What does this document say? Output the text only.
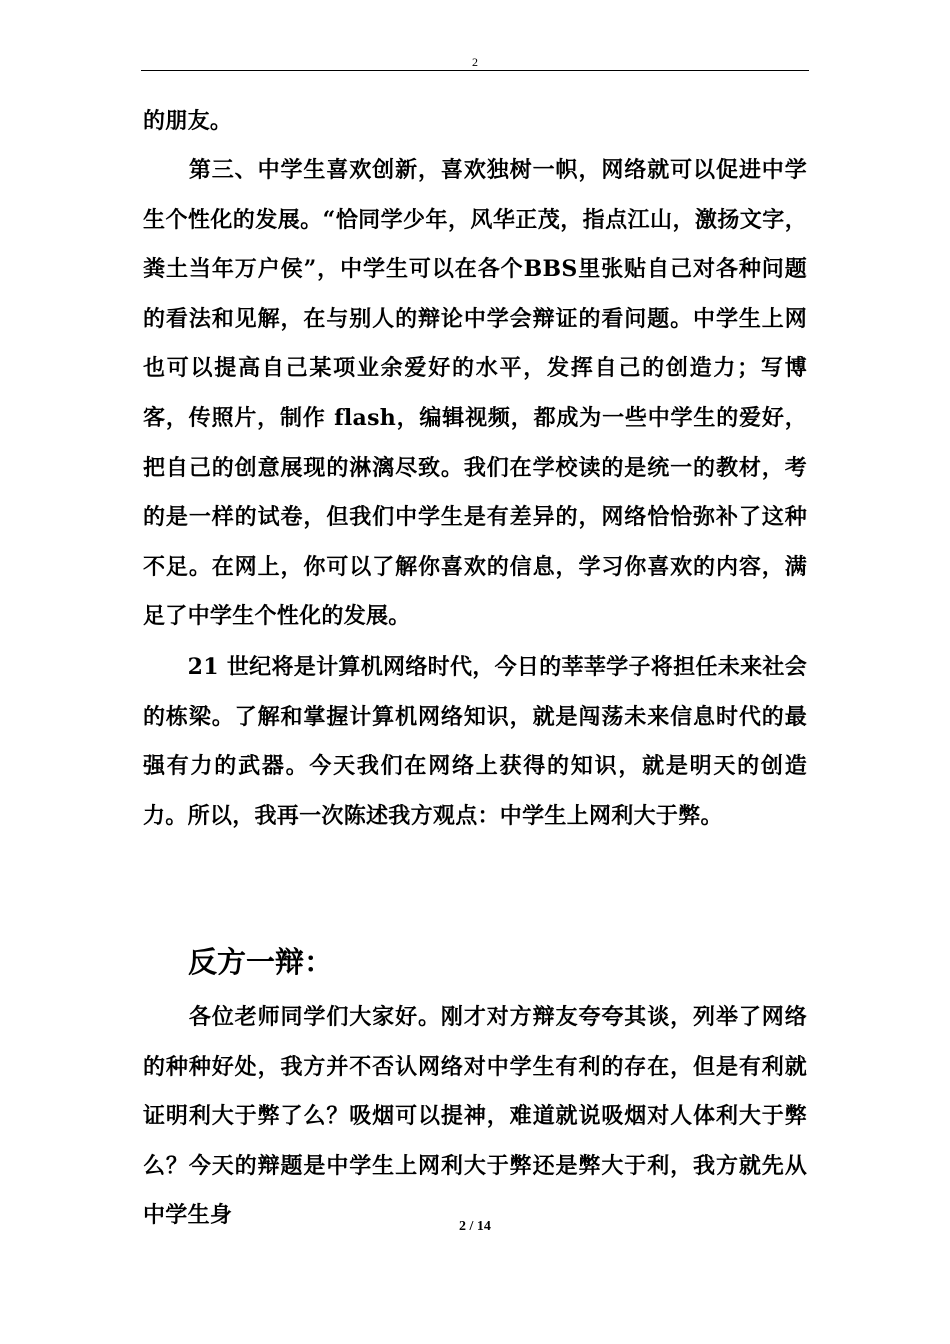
2

的朋友。

　　第三、中学生喜欢创新，喜欢独树一帜，网络就可以促进中学生个性化的发展。“恰同学少年，风华正茂，指点江山，激扬文字，粪土当年万户侯”，中学生可以在各个BBS里张贴自己对各种问题的看法和见解，在与别人的辩论中学会辩证的看问题。中学生上网也可以提高自己某项业余爱好的水平，发挥自己的创造力；写博客，传照片，制作 flash，编辑视频，都成为一些中学生的爱好，把自己的创意展现的淋漓尽致。我们在学校读的是统一的教材，考的是一样的试卷，但我们中学生是有差异的，网络恰恰弥补了这种不足。在网上，你可以了解你喜欢的信息，学习你喜欢的内容，满足了中学生个性化的发展。

　　21 世纪将是计算机网络时代，今日的莘莘学子将担任未来社会的栋梁。了解和掌握计算机网络知识，就是闯荡未来信息时代的最强有力的武器。今天我们在网络上获得的知识，就是明天的创造力。所以，我再一次陈述我方观点：中学生上网利大于弊。

反方一辩：

　　各位老师同学们大家好。刚才对方辩友夸夸其谈，列举了网络的种种好处，我方并不否认网络对中学生有利的存在，但是有利就证明利大于弊了么？吸烟可以提神，难道就说吸烟对人体利大于弊么？今天的辩题是中学生上网利大于弊还是弊大于利，我方就先从中学生身	2 / 14
